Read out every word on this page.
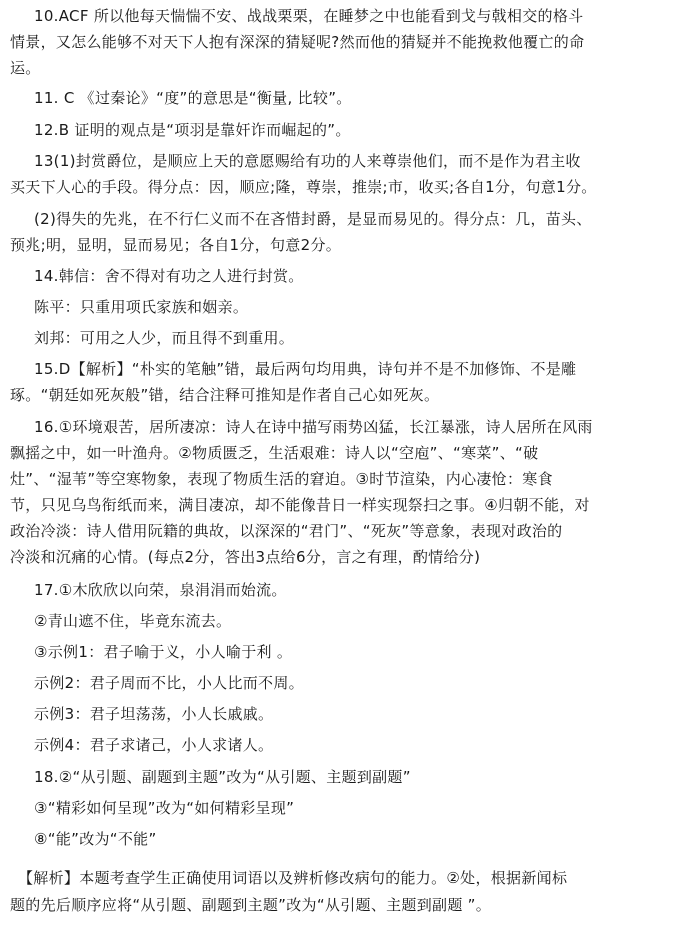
10.ACF 所以他每天惴惴不安、战战栗栗，在睡梦之中也能看到戈与戟相交的格斗
情景，又怎么能够不对天下人抱有深深的猜疑呢?然而他的猜疑并不能挽救他覆亡的命
运。
11. C 《过秦论》“度”的意思是“衡量, 比较”。
12.B 证明的观点是“项羽是靠奸诈而崛起的”。
13(1)封赏爵位，是顺应上天的意愿赐给有功的人来尊崇他们，而不是作为君主收
买天下人心的手段。得分点：因，顺应;隆，尊崇，推崇;市，收买;各自1分，句意1分。
(2)得失的先兆，在不行仁义而不在吝惜封爵，是显而易见的。得分点：几，苗头、
预兆;明，显明，显而易见；各自1分，句意2分。
14.韩信：舍不得对有功之人进行封赏。
陈平：只重用项氏家族和姻亲。
刘邦：可用之人少，而且得不到重用。
15.D【解析】“朴实的笔触”错，最后两句均用典，诗句并不是不加修饰、不是雕
琢。“朝廷如死灰般”错，结合注释可推知是作者自己心如死灰。
16.①环境艰苦，居所凄凉：诗人在诗中描写雨势凶猛，长江暴涨，诗人居所在风雨
飘摇之中，如一叶渔舟。②物质匮乏，生活艰难：诗人以“空庖”、“寒菜”、“破
灶”、“湿苇”等空寒物象，表现了物质生活的窘迫。③时节渲染，内心凄怆：寒食
节，只见乌鸟衔纸而来，满目凄凉，却不能像昔日一样实现祭扫之事。④归朝不能，对
政治冷淡：诗人借用阮籍的典故，以深深的“君门”、“死灰”等意象，表现对政治的
冷淡和沉痛的心情。(每点2分，答出3点给6分，言之有理，酌情给分)
17.①木欣欣以向荣，泉涓涓而始流。
②青山遮不住，毕竟东流去。
③示例1：君子喻于义，小人喻于利 。
示例2：君子周而不比，小人比而不周。
示例3：君子坦荡荡，小人长戚戚。
示例4：君子求诸己，小人求诸人。
18.②“从引题、副题到主题”改为“从引题、主题到副题”
③“精彩如何呈现”改为“如何精彩呈现”
⑧“能”改为“不能”
【解析】本题考查学生正确使用词语以及辨析修改病句的能力。②处，根据新闻标
题的先后顺序应将“从引题、副题到主题”改为“从引题、主题到副题 ”。
